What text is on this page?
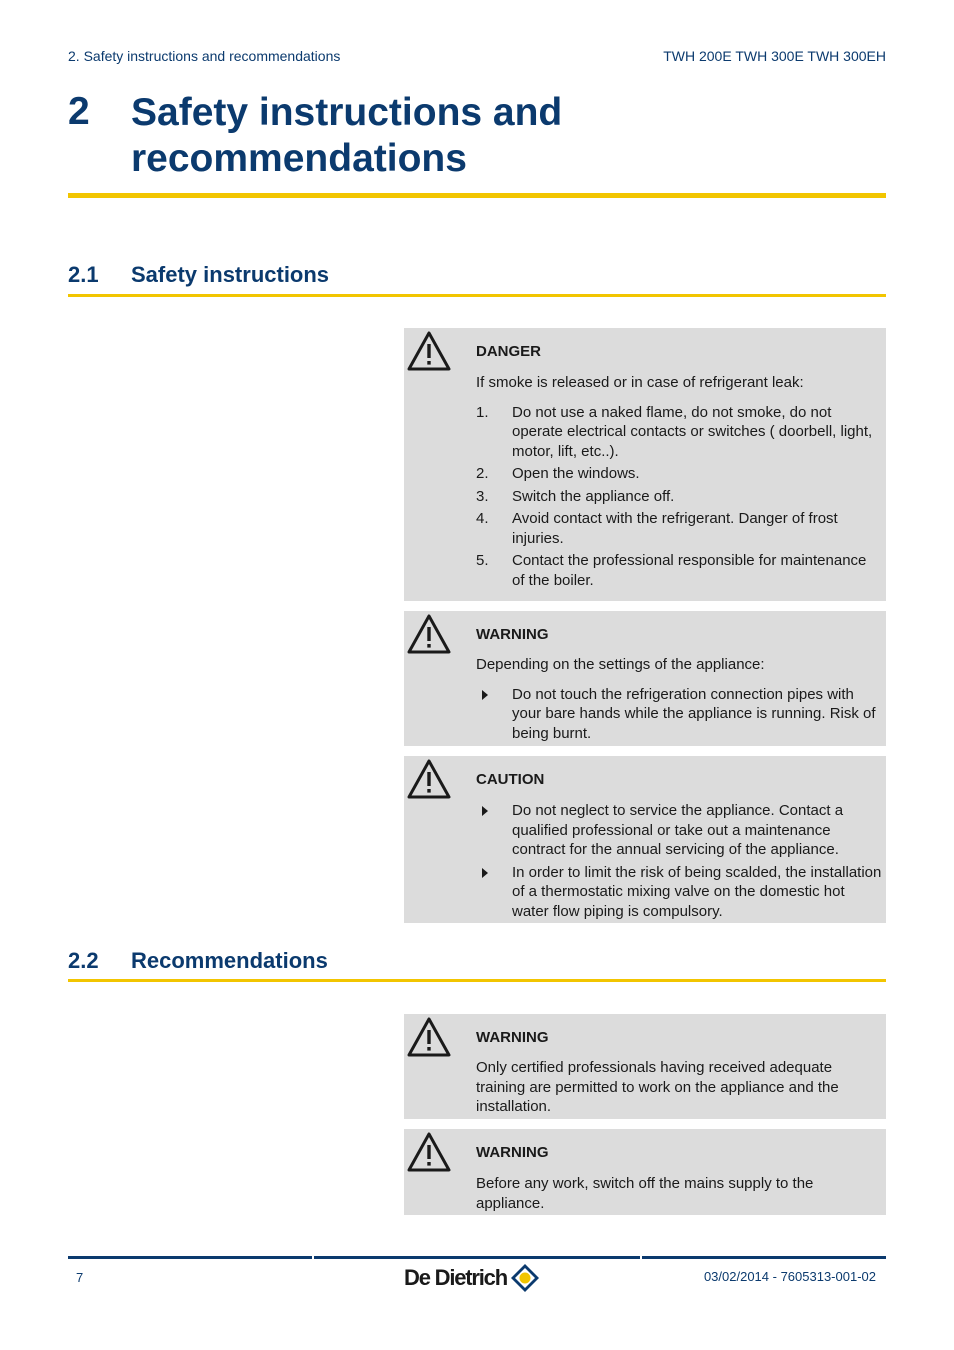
2. Safety instructions and recommendations	TWH 200E TWH 300E TWH 300EH
2 Safety instructions and recommendations
2.1 Safety instructions
DANGER

If smoke is released or in case of refrigerant leak:

1. Do not use a naked flame, do not smoke, do not operate electrical contacts or switches ( doorbell, light, motor, lift, etc..).
2. Open the windows.
3. Switch the appliance off.
4. Avoid contact with the refrigerant. Danger of frost injuries.
5. Contact the professional responsible for maintenance of the boiler.
WARNING

Depending on the settings of the appliance:

Do not touch the refrigeration connection pipes with your bare hands while the appliance is running. Risk of being burnt.
CAUTION
Do not neglect to service the appliance. Contact a qualified professional or take out a maintenance contract for the annual servicing of the appliance.
In order to limit the risk of being scalded, the installation of a thermostatic mixing valve on the domestic hot water flow piping is compulsory.
2.2 Recommendations
WARNING

Only certified professionals having received adequate training are permitted to work on the appliance and the installation.

WARNING

Before any work, switch off the mains supply to the appliance.

7	De Dietrich	03/02/2014 - 7605313-001-02
